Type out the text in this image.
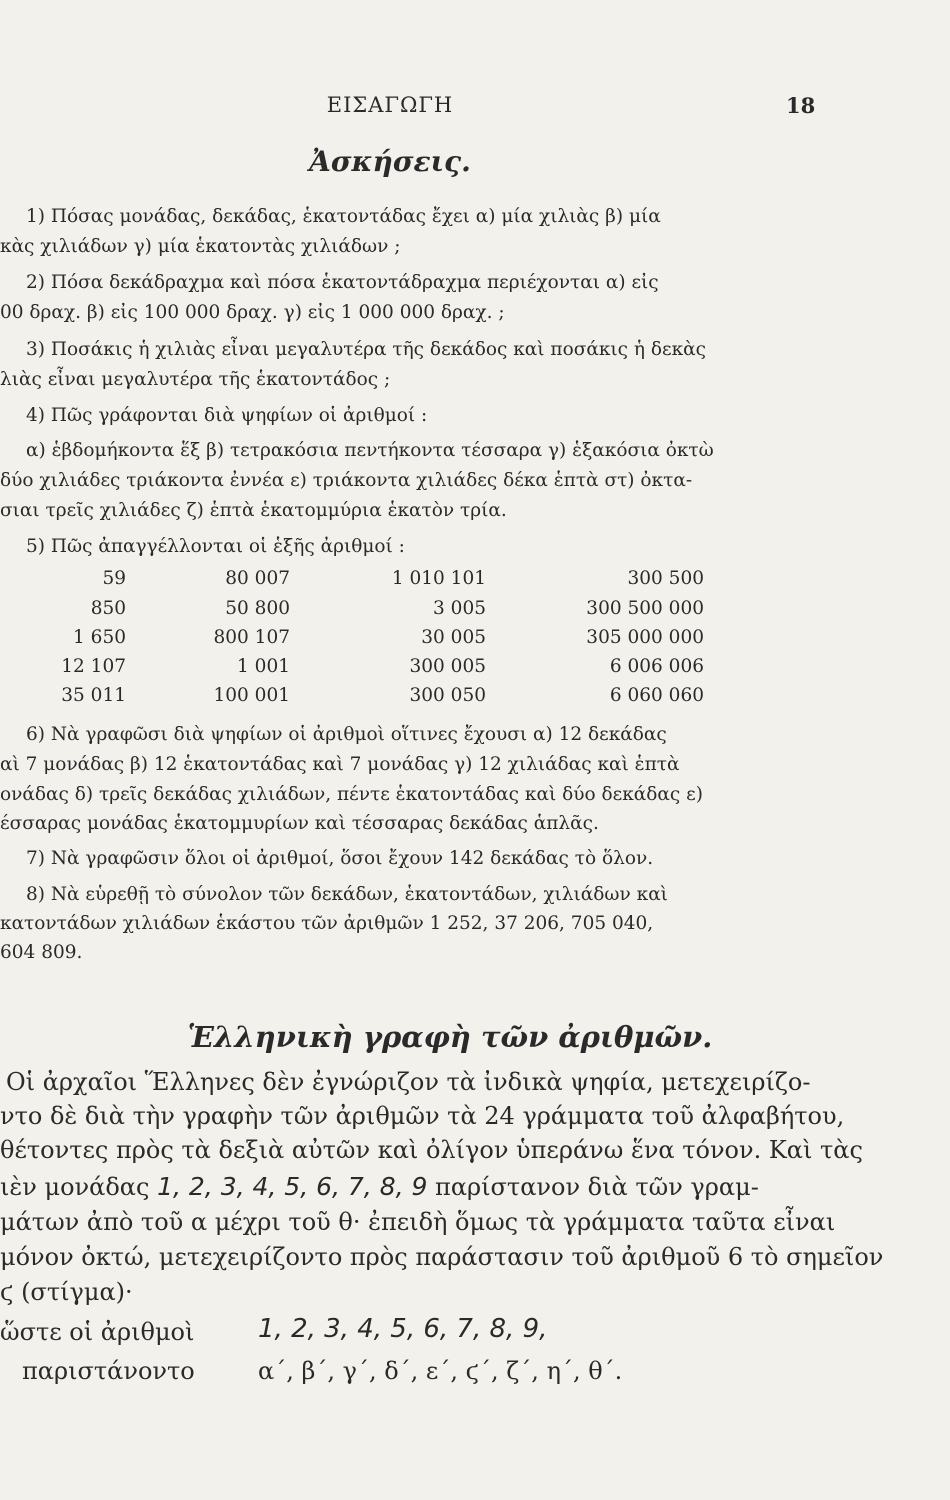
ΕΙΣΑΓΩΓΗ	18
Ἀσκήσεις.
1) Πόσας μονάδας, δεκάδας, ἑκατοντάδας ἔχει α) μία χιλιὰς β) μία
κὰς χιλιάδων γ) μία ἑκατοντὰς χιλιάδων ;
2) Πόσα δεκάδραχμα καὶ πόσα ἑκατοντάδραχμα περιέχονται α) εἰς
00 δραχ. β) εἰς 100 000 δραχ. γ) εἰς 1 000 000 δραχ. ;
3) Ποσάκις ἡ χιλιὰς εἶναι μεγαλυτέρα τῆς δεκάδος καὶ ποσάκις ἡ δεκὰς
λιὰς εἶναι μεγαλυτέρα τῆς ἑκατοντάδος ;
4) Πῶς γράφονται διὰ ψηφίων οἱ ἀριθμοί :
α) ἑβδομήκοντα ἕξ β) τετρακόσια πεντήκοντα τέσσαρα γ) ἑξακόσια ὀκτὼ
δύο χιλιάδες τριάκοντα ἐννέα ε) τριάκοντα χιλιάδες δέκα ἑπτὰ στ) ὀκτα-
σιαι τρεῖς χιλιάδες ζ) ἑπτὰ ἑκατομμύρια ἑκατὸν τρία.
5) Πῶς ἀπαγγέλλονται οἱ ἑξῆς ἀριθμοί :
59	80 007	1 010 101	300 500
850	50 800	3 005	300 500 000
1 650	800 107	30 005	305 000 000
12 107	1 001	300 005	6 006 006
35 011	100 001	300 050	6 060 060
6) Νὰ γραφῶσι διὰ ψηφίων οἱ ἀριθμοὶ οἵτινες ἔχουσι α) 12 δεκάδας
αὶ 7 μονάδας β) 12 ἑκατοντάδας καὶ 7 μονάδας γ) 12 χιλιάδας καὶ ἑπτὰ
ονάδας δ) τρεῖς δεκάδας χιλιάδων, πέντε ἑκατοντάδας καὶ δύο δεκάδας ε)
έσσαρας μονάδας ἑκατομμυρίων καὶ τέσσαρας δεκάδας ἁπλᾶς.
7) Νὰ γραφῶσιν ὅλοι οἱ ἀριθμοί, ὅσοι ἔχουν 142 δεκάδας τὸ ὅλον.
8) Νὰ εὑρεθῇ τὸ σύνολον τῶν δεκάδων, ἑκατοντάδων, χιλιάδων καὶ
κατοντάδων χιλιάδων ἑκάστου τῶν ἀριθμῶν 1 252, 37 206, 705 040,
604 809.
Ἑλληνικὴ γραφὴ τῶν ἀριθμῶν.
Οἱ ἀρχαῖοι Ἕλληνες δὲν ἐγνώριζον τὰ ἰνδικὰ ψηφία, μετεχειρίζο-
ντο δὲ διὰ τὴν γραφὴν τῶν ἀριθμῶν τὰ 24 γράμματα τοῦ ἀλφαβήτου,
θέτοντες πρὸς τὰ δεξιὰ αὐτῶν καὶ ὀλίγον ὑπεράνω ἕνα τόνον. Καὶ τὰς
ιὲν μονάδας 1, 2, 3, 4, 5, 6, 7, 8, 9 παρίστανον διὰ τῶν γραμ-
μάτων ἀπὸ τοῦ α μέχρι τοῦ θ· ἐπειδὴ ὅμως τὰ γράμματα ταῦτα εἶναι
μόνον ὀκτώ, μετεχειρίζοντο πρὸς παράστασιν τοῦ ἀριθμοῦ 6 τὸ σημεῖον
ϛ (στίγμα)·
ὥστε οἱ ἀριθμοὶ 1, 2, 3, 4, 5, 6, 7, 8, 9,
παριστάνοντο	α΄, β΄, γ΄, δ΄, ε΄, ϛ΄, ζ΄, η΄, θ΄.
